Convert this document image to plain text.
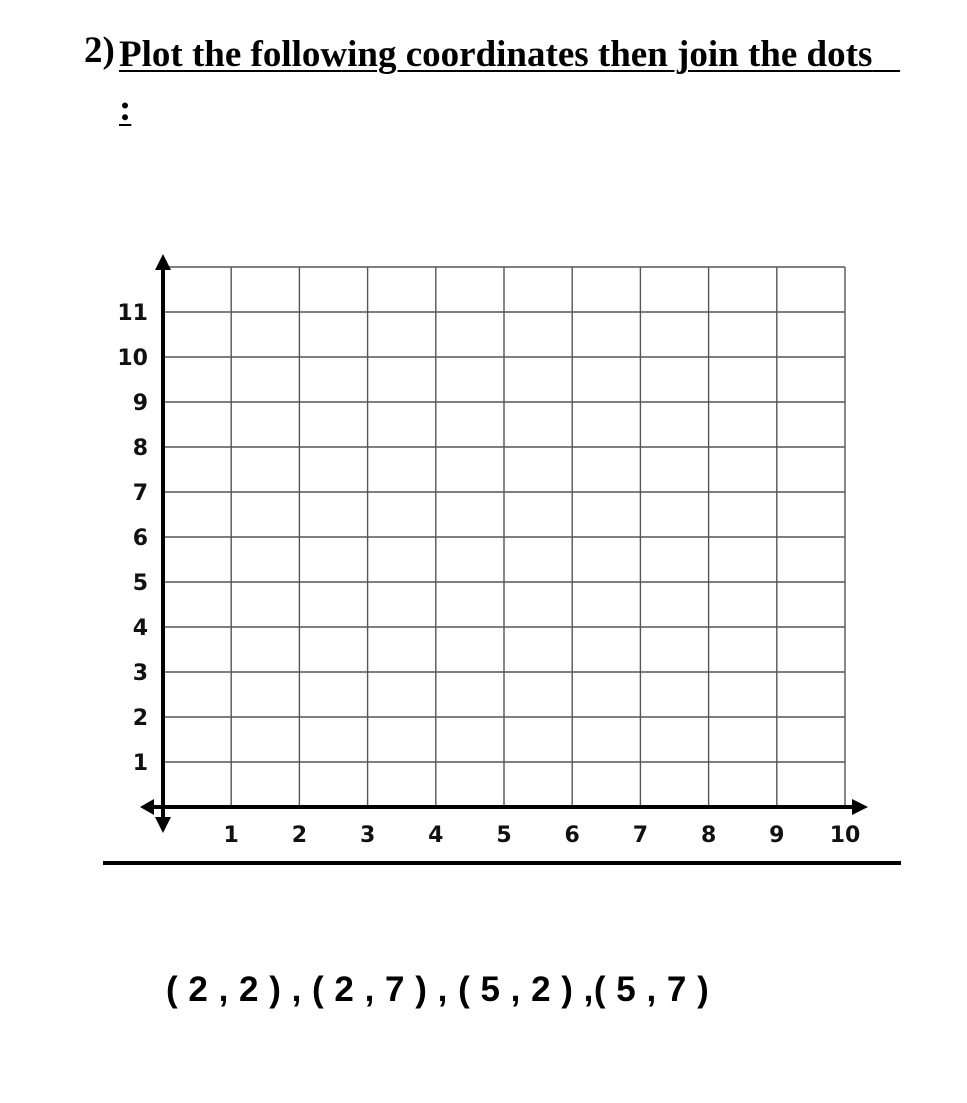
2) Plot the following coordinates then join the dots   :
1
2
3
4
5
6
7
8
9
10
11
1 2 3 4 5 6 7 8 9 10
( 2 , 2 ) , ( 2 , 7 ) , ( 5 , 2 ) ,( 5 , 7 )
